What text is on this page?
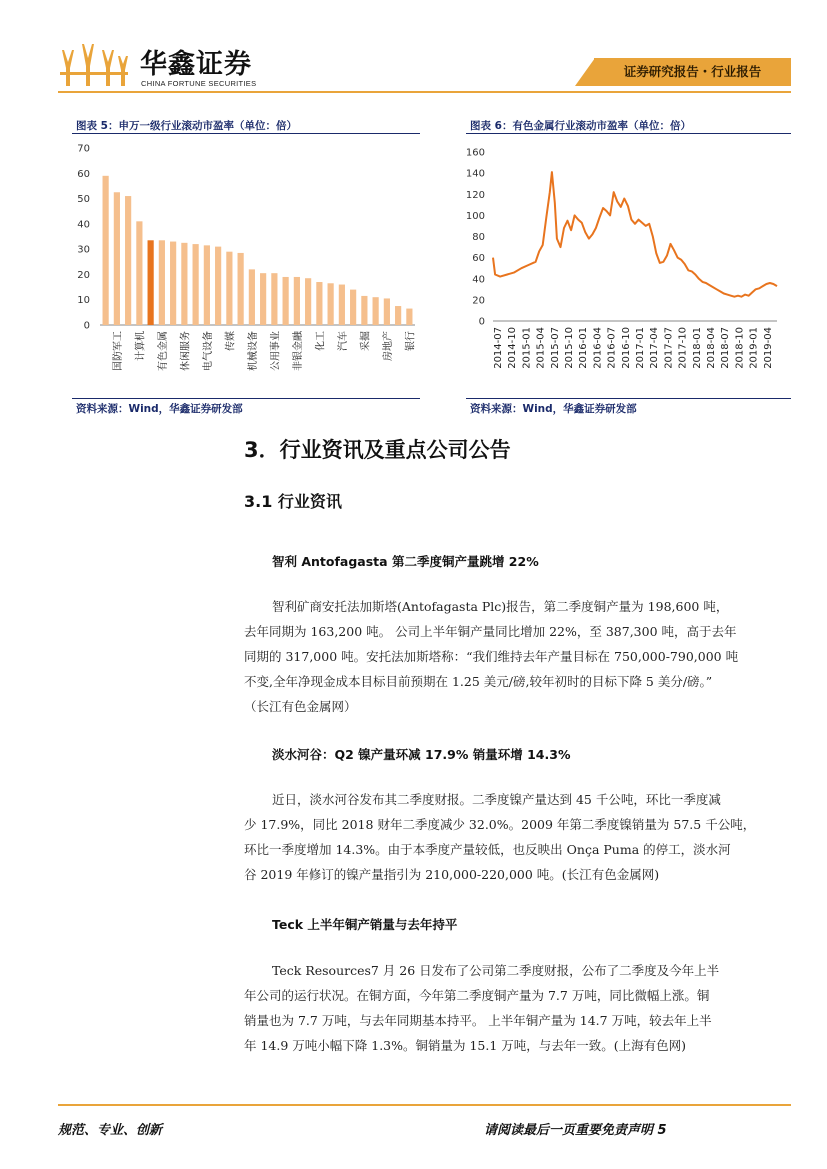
华鑫证券
CHINA FORTUNE SECURITIES
证券研究报告・行业报告
图表 5：申万一级行业滚动市盈率（单位：倍）
0
10
20
30
40
50
60
70
国防军工 计算机 有色金属 休闲服务 电气设备 传媒 机械设备 公用事业 非银金融 化工 汽车 采掘 房地产 银行
资料来源：Wind，华鑫证券研发部
图表 6：有色金属行业滚动市盈率（单位：倍）
0
20
40
60
80
100
120
140
160
2014-07 2014-10 2015-01 2015-04 2015-07 2015-10 2016-01 2016-04 2016-07 2016-10 2017-01 2017-04 2017-07 2017-10 2018-01 2018-04 2018-07 2018-10 2019-01 2019-04
资料来源：Wind，华鑫证券研发部
3．行业资讯及重点公司公告
3.1 行业资讯
智利 Antofagasta 第二季度铜产量跳增 22%
智利矿商安托法加斯塔(Antofagasta Plc)报告，第二季度铜产量为 198,600 吨，
去年同期为 163,200 吨。 公司上半年铜产量同比增加 22%，至 387,300 吨，高于去年
同期的 317,000 吨。安托法加斯塔称：“我们维持去年产量目标在 750,000-790,000 吨
不变,全年净现金成本目标目前预期在 1.25 美元/磅,较年初时的目标下降 5 美分/磅。”
（长江有色金属网）
淡水河谷：Q2 镍产量环减 17.9% 销量环增 14.3%
近日，淡水河谷发布其二季度财报。二季度镍产量达到 45 千公吨，环比一季度减
少 17.9%，同比 2018 财年二季度减少 32.0%。2009 年第二季度镍销量为 57.5 千公吨，
环比一季度增加 14.3%。由于本季度产量较低，也反映出 Onça Puma 的停工，淡水河
谷 2019 年修订的镍产量指引为 210,000-220,000 吨。(长江有色金属网)
Teck 上半年铜产销量与去年持平
Teck Resources7 月 26 日发布了公司第二季度财报，公布了二季度及今年上半
年公司的运行状况。在铜方面，今年第二季度铜产量为 7.7 万吨，同比微幅上涨。铜
销量也为 7.7 万吨，与去年同期基本持平。 上半年铜产量为 14.7 万吨，较去年上半
年 14.9 万吨小幅下降 1.3%。铜销量为 15.1 万吨，与去年一致。(上海有色网)
规范、专业、创新	请阅读最后一页重要免责声明 5
